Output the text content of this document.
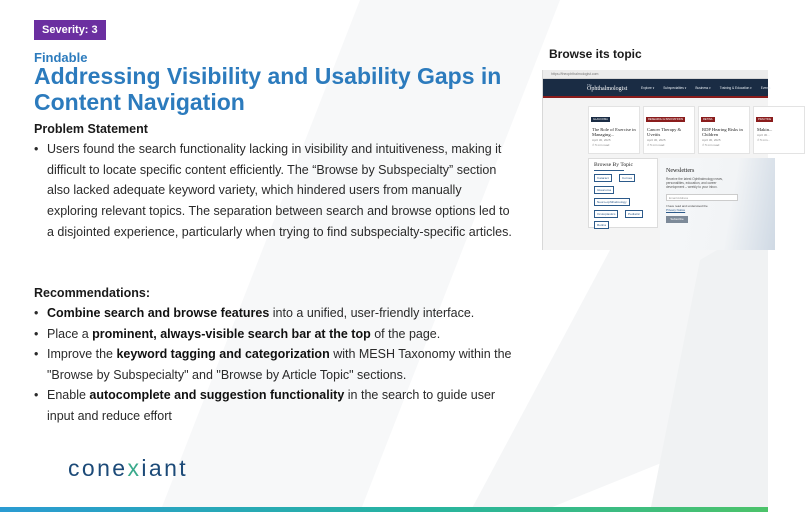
Severity: 3
Findable
Addressing Visibility and Usability Gaps in Content Navigation
Problem Statement
• Users found the search functionality lacking in visibility and intuitiveness, making it difficult to locate specific content efficiently. The “Browse by Subspecialty” section also lacked adequate keyword variety, which hindered users from manually exploring relevant topics. The separation between search and browse options led to a disjointed experience, particularly when trying to find subspecialty-specific articles.
Recommendations:
• Combine search and browse features into a unified, user-friendly interface.
• Place a prominent, always-visible search bar at the top of the page.
• Improve the keyword tagging and categorization with MESH Taxonomy within the "Browse by Subspecialty" and "Browse by Article Topic" sections.
• Enable autocomplete and suggestion functionality in the search to guide user input and reduce effort
conexiant
Browse its topic
https://theophthalmologist.com
The
Ophthalmologist	Explore ▾	Subspecialties ▾	Business ▾	Training & Education ▾	Events
GLAUCOMA
The Role of Exercise in Managing...
April 30, 2025
⏱ 5 min read
RESEARCH & INNOVATIONS
Cancer Therapy & Uveitis
April 30, 2025
⏱ 5 min read
RETINA
RDP Hearing Risks in Children
April 30, 2025
⏱ 5 min read
PRACTICE
Makin...
April 30...
⏱ 5 min...
Browse By Topic
Cataract	Cornea
Glaucoma
Neuro-ophthalmology
Oculoplastics	Pediatric
Retina
Newsletters
Receive the latest Ophthalmology news, personalities, education, and career development – weekly to your inbox.
Email Address
I have read and understood the
Privacy Notice
Subscribe
